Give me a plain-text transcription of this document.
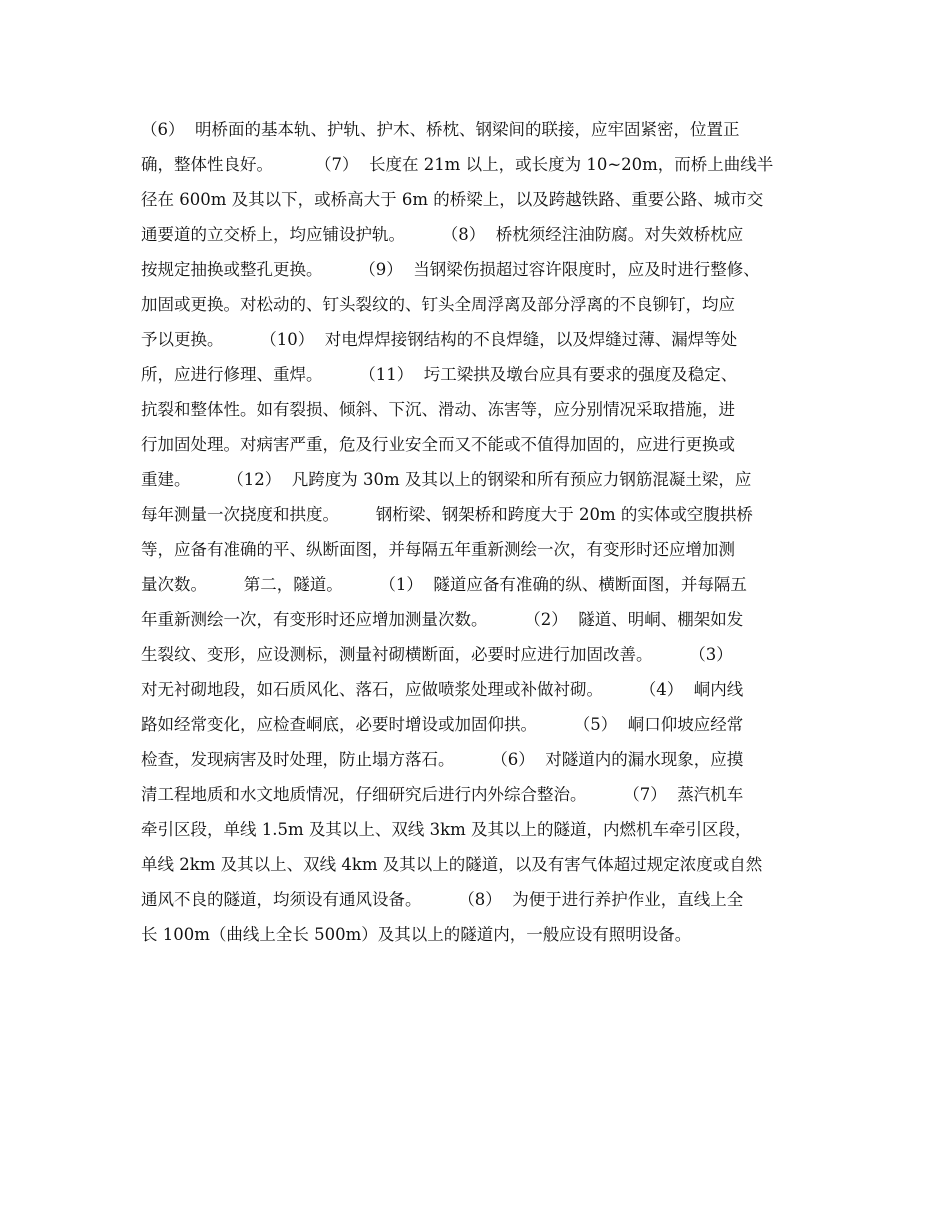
（6）  明桥面的基本轨、护轨、护木、桥枕、钢梁间的联接，应牢固紧密，位置正
确，整体性良好。        （7）  长度在 21m 以上，或长度为 10~20m，而桥上曲线半
径在 600m 及其以下，或桥高大于 6m 的桥梁上，以及跨越铁路、重要公路、城市交
通要道的立交桥上，均应铺设护轨。       （8）  桥枕须经注油防腐。对失效桥枕应
按规定抽换或整孔更换。       （9）  当钢梁伤损超过容许限度时，应及时进行整修、
加固或更换。对松动的、钉头裂纹的、钉头全周浮离及部分浮离的不良铆钉，均应
予以更换。       （10）  对电焊焊接钢结构的不良焊缝，以及焊缝过薄、漏焊等处
所，应进行修理、重焊。       （11）  圬工梁拱及墩台应具有要求的强度及稳定、
抗裂和整体性。如有裂损、倾斜、下沉、滑动、冻害等，应分别情况采取措施，进
行加固处理。对病害严重，危及行业安全而又不能或不值得加固的，应进行更换或
重建。       （12）  凡跨度为 30m 及其以上的钢梁和所有预应力钢筋混凝土梁，应
每年测量一次挠度和拱度。       钢桁梁、钢架桥和跨度大于 20m 的实体或空腹拱桥
等，应备有准确的平、纵断面图，并每隔五年重新测绘一次，有变形时还应增加测
量次数。       第二，隧道。       （1）  隧道应备有准确的纵、横断面图，并每隔五
年重新测绘一次，有变形时还应增加测量次数。       （2）  隧道、明峒、棚架如发
生裂纹、变形，应设测标，测量衬砌横断面，必要时应进行加固改善。       （3）
对无衬砌地段，如石质风化、落石，应做喷浆处理或补做衬砌。       （4）  峒内线
路如经常变化，应检查峒底，必要时增设或加固仰拱。       （5）  峒口仰坡应经常
检查，发现病害及时处理，防止塌方落石。       （6）  对隧道内的漏水现象，应摸
清工程地质和水文地质情况，仔细研究后进行内外综合整治。       （7）  蒸汽机车
牵引区段，单线 1.5m 及其以上、双线 3km 及其以上的隧道，内燃机车牵引区段，
单线 2km 及其以上、双线 4km 及其以上的隧道，以及有害气体超过规定浓度或自然
通风不良的隧道，均须设有通风设备。       （8）  为便于进行养护作业，直线上全
长 100m（曲线上全长 500m）及其以上的隧道内，一般应设有照明设备。
